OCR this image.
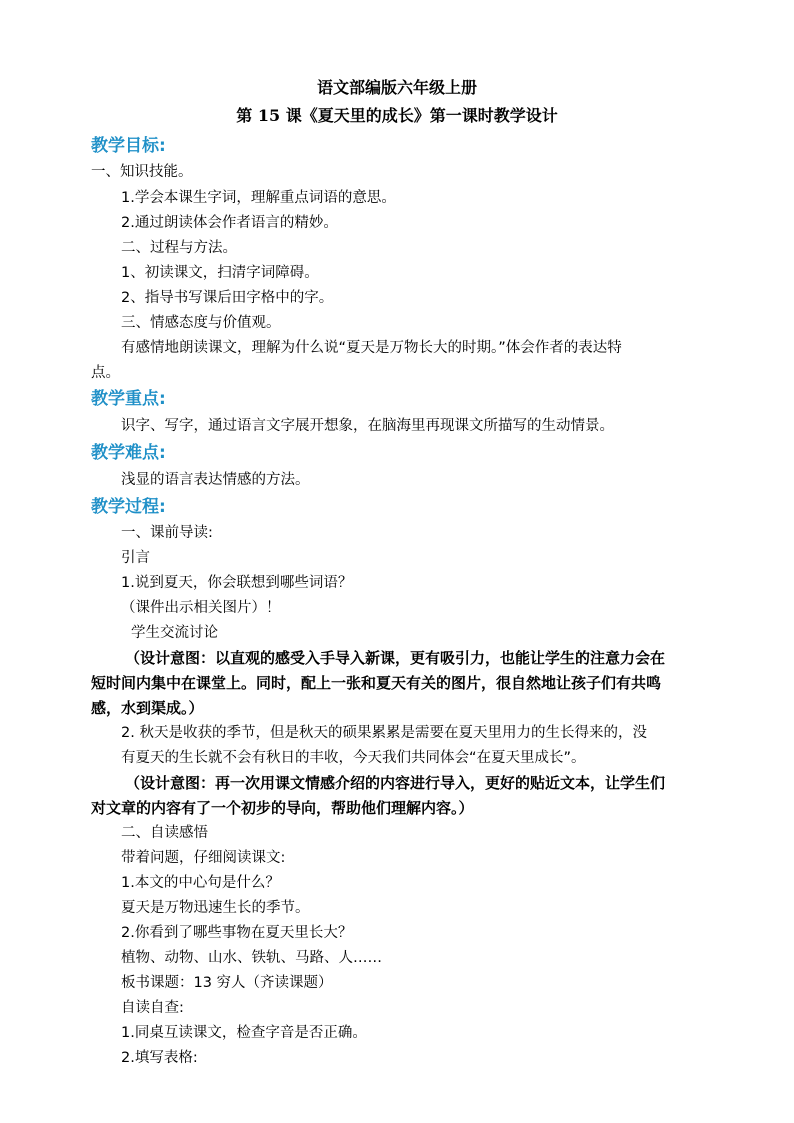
语文部编版六年级上册
第 15 课《夏天里的成长》第一课时教学设计
教学目标:
一、知识技能。
1.学会本课生字词，理解重点词语的意思。
2.通过朗读体会作者语言的精妙。
二、过程与方法。
1、初读课文，扫清字词障碍。
2、指导书写课后田字格中的字。
三、情感态度与价值观。
有感情地朗读课文，理解为什么说“夏天是万物长大的时期。”体会作者的表达特
点。
教学重点:
识字、写字，通过语言文字展开想象，在脑海里再现课文所描写的生动情景。
教学难点:
浅显的语言表达情感的方法。
教学过程:
一、课前导读:
引言
1.说到夏天，你会联想到哪些词语？
（课件出示相关图片）！
学生交流讨论
（设计意图：以直观的感受入手导入新课，更有吸引力，也能让学生的注意力会在
短时间内集中在课堂上。同时，配上一张和夏天有关的图片，很自然地让孩子们有共鸣
感，水到渠成。）
2. 秋天是收获的季节，但是秋天的硕果累累是需要在夏天里用力的生长得来的，没
有夏天的生长就不会有秋日的丰收，今天我们共同体会“在夏天里成长”。
（设计意图：再一次用课文情感介绍的内容进行导入，更好的贴近文本，让学生们
对文章的内容有了一个初步的导向，帮助他们理解内容。）
二、自读感悟
带着问题，仔细阅读课文:
1.本文的中心句是什么？
夏天是万物迅速生长的季节。
2.你看到了哪些事物在夏天里长大？
植物、动物、山水、铁轨、马路、人……
板书课题：13 穷人（齐读课题）
自读自查:
1.同桌互读课文，检查字音是否正确。
2.填写表格:
